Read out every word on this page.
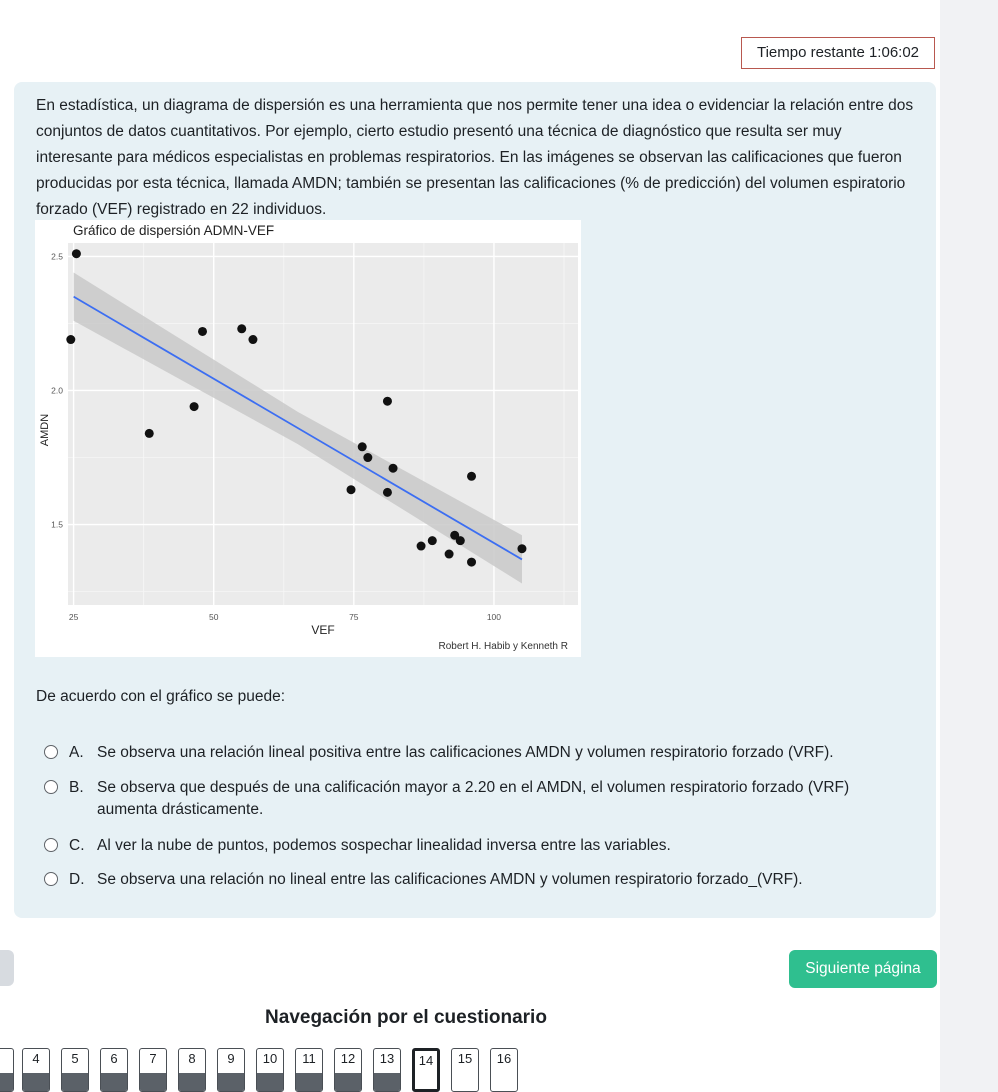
Tiempo restante 1:06:02

En estadística, un diagrama de dispersión es una herramienta que nos permite tener una idea o evidenciar la relación entre dos conjuntos de datos cuantitativos. Por ejemplo, cierto estudio presentó una técnica de diagnóstico que resulta ser muy interesante para médicos especialistas en problemas respiratorios. En las imágenes se observan las calificaciones que fueron producidas por esta técnica, llamada AMDN; también se presentan las calificaciones (% de predicción) del volumen espiratorio forzado (VEF) registrado en 22 individuos.

Gráfico de dispersión ADMN-VEF
25	50	75	100
1.5
2.0
2.5
VEF
AMDN
Robert H. Habib y Kenneth R

De acuerdo con el gráfico se puede:

A. Se observa una relación lineal positiva entre las calificaciones AMDN y volumen respiratorio forzado (VRF).
B. Se observa que después de una calificación mayor a 2.20 en el AMDN, el volumen respiratorio forzado (VRF) aumenta drásticamente.
C. Al ver la nube de puntos, podemos sospechar linealidad inversa entre las variables.
D. Se observa una relación no lineal entre las calificaciones AMDN y volumen respiratorio forzado_(VRF).
Siguiente página
Navegación por el cuestionario
4	5	6	7	8	9	10	11	12	13	14	15	16
